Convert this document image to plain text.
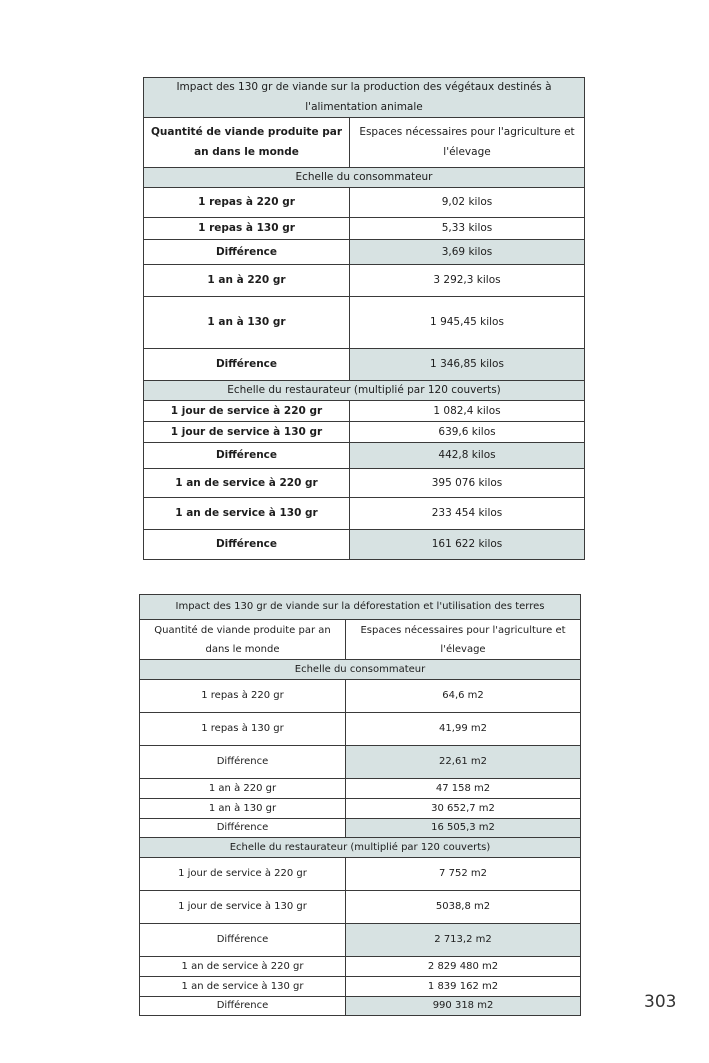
Impact des 130 gr de viande sur la production des végétaux destinés à l'alimentation animale	
Quantité de viande produite par an dans le monde	Espaces nécessaires pour l'agriculture et l'élevage
Echelle du consommateur	
1 repas à 220 gr	9,02 kilos
1 repas à 130 gr	5,33 kilos
Différence	3,69 kilos
1 an à 220 gr	3 292,3 kilos
1 an à 130 gr	1 945,45 kilos
Différence	1 346,85 kilos
Echelle du restaurateur (multiplié par 120 couverts)	
1 jour de service à 220 gr	1 082,4 kilos
1 jour de service à 130 gr	639,6 kilos
Différence	442,8 kilos
1 an de service à 220 gr	395 076 kilos
1 an de service à 130 gr	233 454 kilos
Différence	161 622 kilos
Impact des 130 gr de viande sur la déforestation et l'utilisation des terres	
Quantité de viande produite par an dans le monde	Espaces nécessaires pour l'agriculture et l'élevage
Echelle du consommateur	
1 repas à 220 gr	64,6 m2
1 repas à 130 gr	41,99 m2
Différence	22,61 m2
1 an à 220 gr	47 158 m2
1 an à 130 gr	30 652,7 m2
Différence	16 505,3 m2
Echelle du restaurateur (multiplié par 120 couverts)	
1 jour de service à 220 gr	7 752 m2
1 jour de service à 130 gr	5038,8 m2
Différence	2 713,2 m2
1 an de service à 220 gr	2 829 480 m2
1 an de service à 130 gr	1 839 162 m2
Différence	990 318 m2	303
